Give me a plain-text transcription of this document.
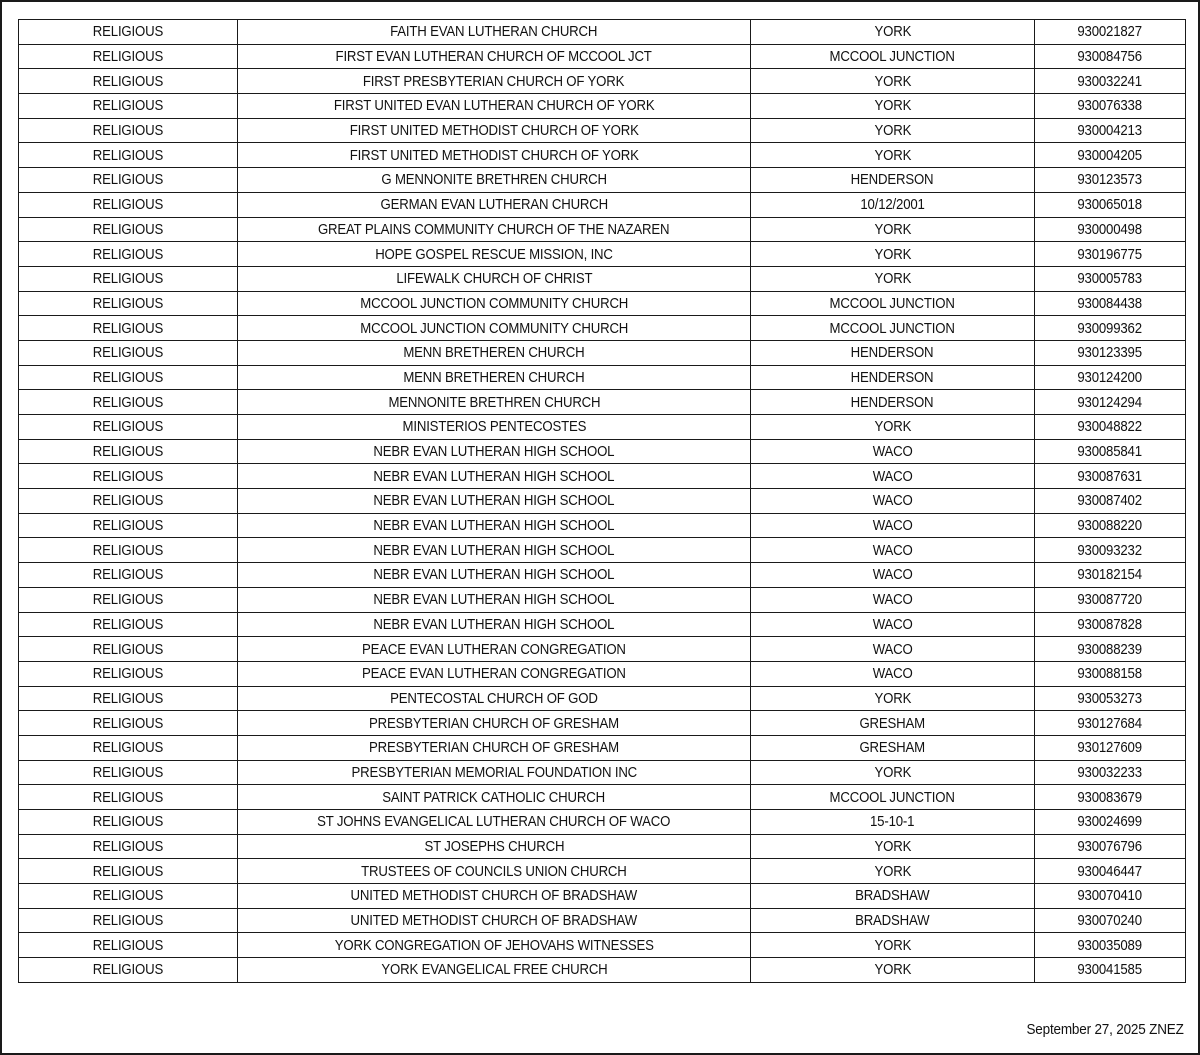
RELIGIOUS	FAITH EVAN LUTHERAN CHURCH	YORK	930021827
RELIGIOUS	FIRST EVAN LUTHERAN CHURCH OF MCCOOL JCT	MCCOOL JUNCTION	930084756
RELIGIOUS	FIRST PRESBYTERIAN CHURCH OF YORK	YORK	930032241
RELIGIOUS	FIRST UNITED EVAN LUTHERAN CHURCH OF YORK	YORK	930076338
RELIGIOUS	FIRST UNITED METHODIST CHURCH OF YORK	YORK	930004213
RELIGIOUS	FIRST UNITED METHODIST CHURCH OF YORK	YORK	930004205
RELIGIOUS	G MENNONITE BRETHREN CHURCH	HENDERSON	930123573
RELIGIOUS	GERMAN EVAN LUTHERAN CHURCH	10/12/2001	930065018
RELIGIOUS	GREAT PLAINS COMMUNITY CHURCH OF THE NAZAREN	YORK	930000498
RELIGIOUS	HOPE GOSPEL RESCUE MISSION, INC	YORK	930196775
RELIGIOUS	LIFEWALK CHURCH OF CHRIST	YORK	930005783
RELIGIOUS	MCCOOL JUNCTION COMMUNITY CHURCH	MCCOOL JUNCTION	930084438
RELIGIOUS	MCCOOL JUNCTION COMMUNITY CHURCH	MCCOOL JUNCTION	930099362
RELIGIOUS	MENN BRETHEREN CHURCH	HENDERSON	930123395
RELIGIOUS	MENN BRETHEREN CHURCH	HENDERSON	930124200
RELIGIOUS	MENNONITE BRETHREN CHURCH	HENDERSON	930124294
RELIGIOUS	MINISTERIOS PENTECOSTES	YORK	930048822
RELIGIOUS	NEBR EVAN LUTHERAN HIGH SCHOOL	WACO	930085841
RELIGIOUS	NEBR EVAN LUTHERAN HIGH SCHOOL	WACO	930087631
RELIGIOUS	NEBR EVAN LUTHERAN HIGH SCHOOL	WACO	930087402
RELIGIOUS	NEBR EVAN LUTHERAN HIGH SCHOOL	WACO	930088220
RELIGIOUS	NEBR EVAN LUTHERAN HIGH SCHOOL	WACO	930093232
RELIGIOUS	NEBR EVAN LUTHERAN HIGH SCHOOL	WACO	930182154
RELIGIOUS	NEBR EVAN LUTHERAN HIGH SCHOOL	WACO	930087720
RELIGIOUS	NEBR EVAN LUTHERAN HIGH SCHOOL	WACO	930087828
RELIGIOUS	PEACE EVAN LUTHERAN CONGREGATION	WACO	930088239
RELIGIOUS	PEACE EVAN LUTHERAN CONGREGATION	WACO	930088158
RELIGIOUS	PENTECOSTAL CHURCH OF GOD	YORK	930053273
RELIGIOUS	PRESBYTERIAN CHURCH OF GRESHAM	GRESHAM	930127684
RELIGIOUS	PRESBYTERIAN CHURCH OF GRESHAM	GRESHAM	930127609
RELIGIOUS	PRESBYTERIAN MEMORIAL FOUNDATION INC	YORK	930032233
RELIGIOUS	SAINT PATRICK CATHOLIC CHURCH	MCCOOL JUNCTION	930083679
RELIGIOUS	ST JOHNS EVANGELICAL LUTHERAN CHURCH OF WACO	15-10-1	930024699
RELIGIOUS	ST JOSEPHS CHURCH	YORK	930076796
RELIGIOUS	TRUSTEES OF COUNCILS UNION CHURCH	YORK	930046447
RELIGIOUS	UNITED METHODIST CHURCH OF BRADSHAW	BRADSHAW	930070410
RELIGIOUS	UNITED METHODIST CHURCH OF BRADSHAW	BRADSHAW	930070240
RELIGIOUS	YORK CONGREGATION OF JEHOVAHS WITNESSES	YORK	930035089
RELIGIOUS	YORK EVANGELICAL FREE CHURCH	YORK	930041585
September 27, 2025 ZNEZ
